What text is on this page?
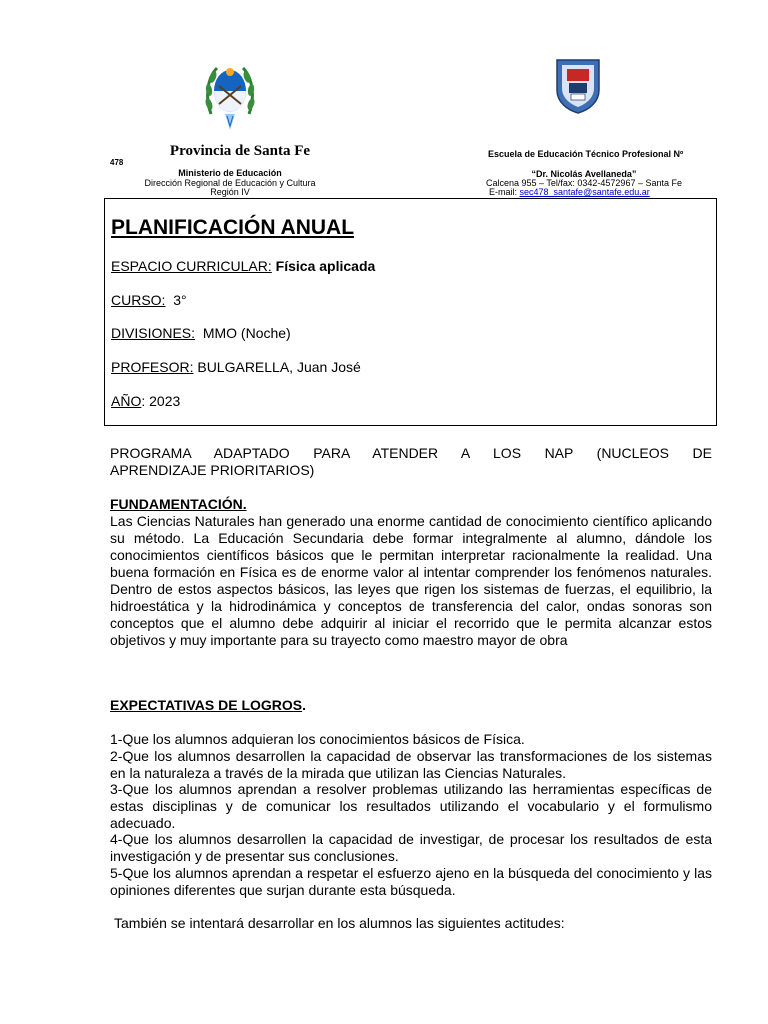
Provincia de Santa Fe
478
Ministerio de Educación
Dirección Regional de Educación y Cultura
Región IV
Escuela de Educación Técnico Profesional Nº
“Dr. Nicolás Avellaneda”
Calcena 955 – Tel/fax: 0342-4572967 – Santa Fe
E-mail: sec478_santafe@santafe.edu.ar
PLANIFICACIÓN ANUAL
ESPACIO CURRICULAR: Física aplicada
CURSO: 3°
DIVISIONES: MMO (Noche)
PROFESOR: BULGARELLA, Juan José
AÑO: 2023
PROGRAMA ADAPTADO PARA ATENDER A LOS NAP (NUCLEOS DE
APRENDIZAJE PRIORITARIOS)
FUNDAMENTACIÓN.
Las Ciencias Naturales han generado una enorme cantidad de conocimiento científico aplicando su método. La Educación Secundaria debe formar integralmente al alumno, dándole los conocimientos científicos básicos que le permitan interpretar racionalmente la realidad. Una buena formación en Física es de enorme valor al intentar comprender los fenómenos naturales. Dentro de estos aspectos básicos, las leyes que rigen los sistemas de fuerzas, el equilibrio, la hidroestática y la hidrodinámica y conceptos de transferencia del calor, ondas sonoras son conceptos que el alumno debe adquirir al iniciar el recorrido que le permita alcanzar estos objetivos y muy importante para su trayecto como maestro mayor de obra
EXPECTATIVAS DE LOGROS.
1-Que los alumnos adquieran los conocimientos básicos de Física.
2-Que los alumnos desarrollen la capacidad de observar las transformaciones de los sistemas en la naturaleza a través de la mirada que utilizan las Ciencias Naturales.
3-Que los alumnos aprendan a resolver problemas utilizando las herramientas específicas de estas disciplinas y de comunicar los resultados utilizando el vocabulario y el formulismo adecuado.
4-Que los alumnos desarrollen la capacidad de investigar, de procesar los resultados de esta investigación y de presentar sus conclusiones.
5-Que los alumnos aprendan a respetar el esfuerzo ajeno en la búsqueda del conocimiento y las opiniones diferentes que surjan durante esta búsqueda.
También se intentará desarrollar en los alumnos las siguientes actitudes:
